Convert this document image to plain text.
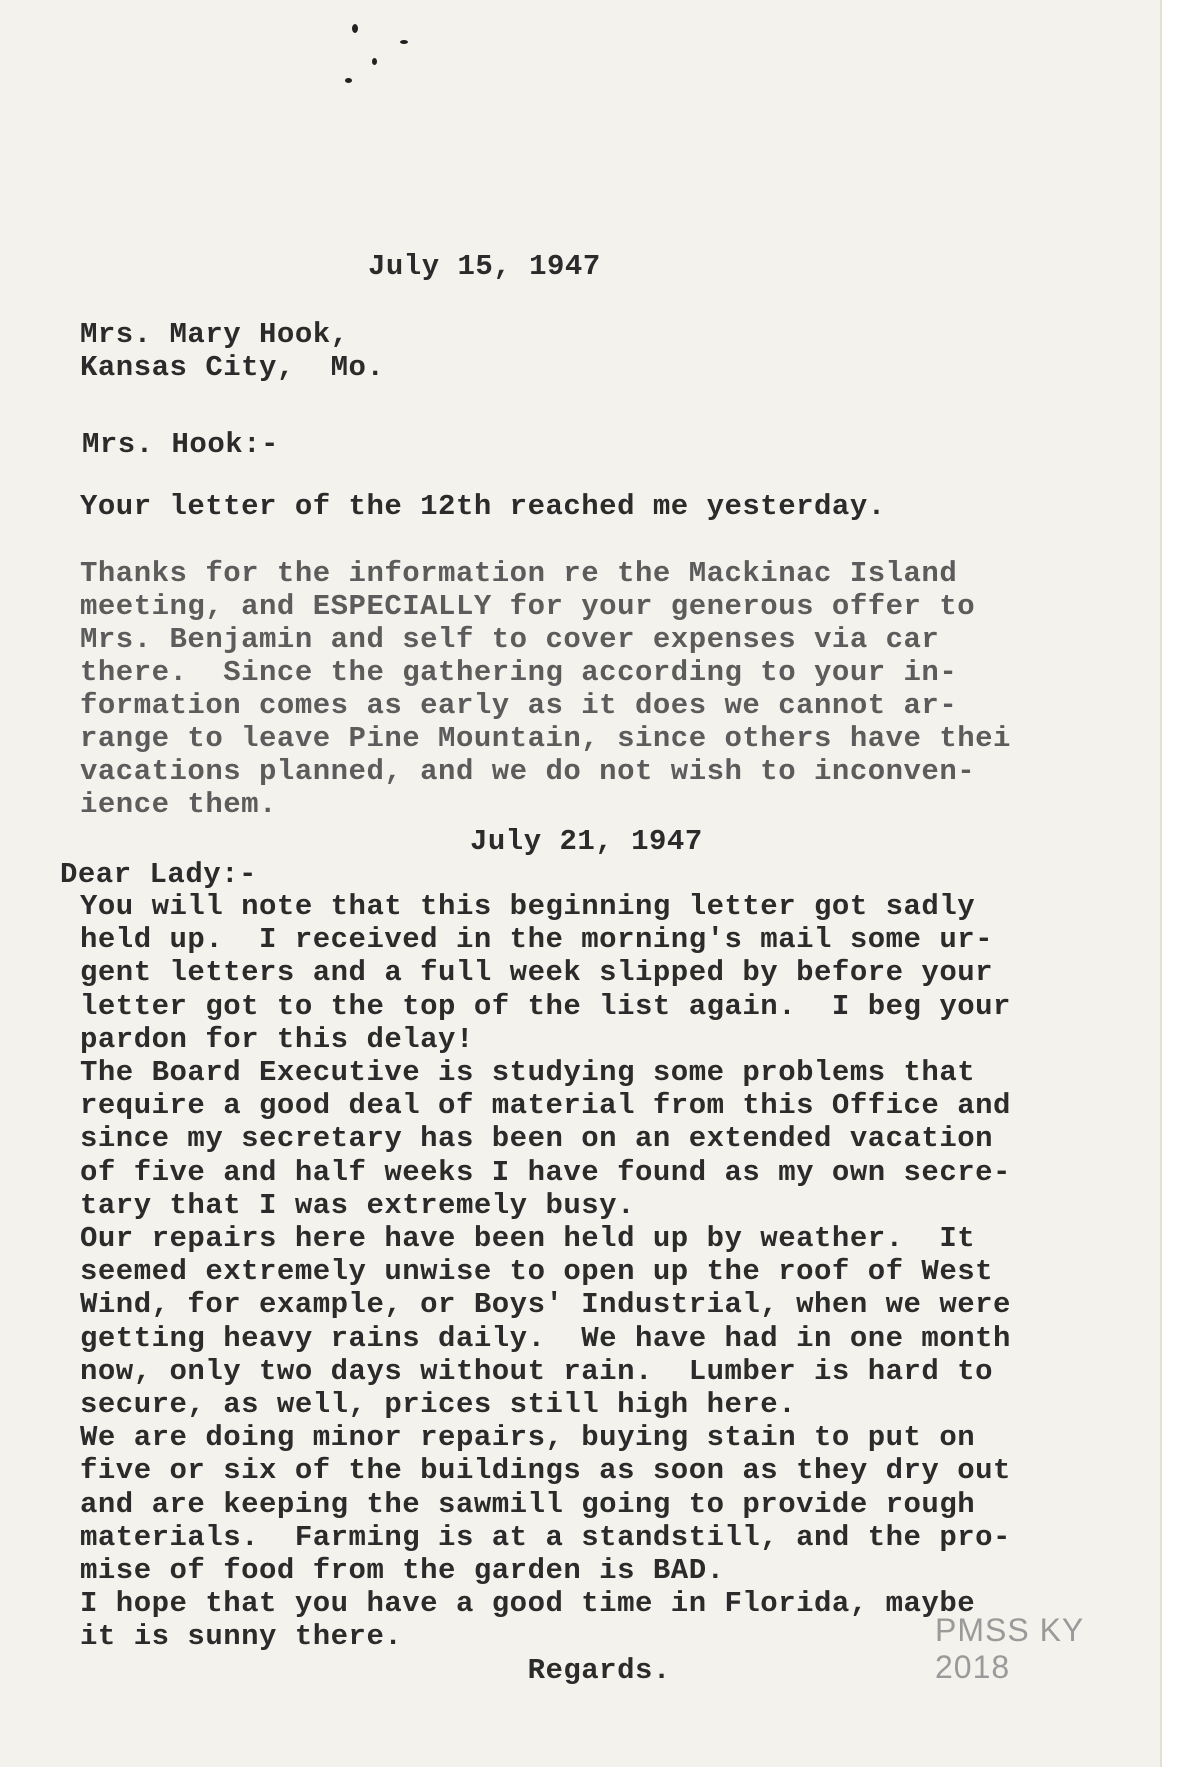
July 15, 1947
Mrs. Mary Hook,
Kansas City,  Mo.
Mrs. Hook:-
Your letter of the 12th reached me yesterday.
Thanks for the information re the Mackinac Island
meeting, and ESPECIALLY for your generous offer to
Mrs. Benjamin and self to cover expenses via car
there.  Since the gathering according to your in-
formation comes as early as it does we cannot ar-
range to leave Pine Mountain, since others have thei
vacations planned, and we do not wish to inconven-
ience them.
July 21, 1947
Dear Lady:-
You will note that this beginning letter got sadly
held up.  I received in the morning's mail some ur-
gent letters and a full week slipped by before your
letter got to the top of the list again.  I beg your
pardon for this delay!
The Board Executive is studying some problems that
require a good deal of material from this Office and
since my secretary has been on an extended vacation
of five and half weeks I have found as my own secre-
tary that I was extremely busy.
Our repairs here have been held up by weather.  It
seemed extremely unwise to open up the roof of West
Wind, for example, or Boys' Industrial, when we were
getting heavy rains daily.  We have had in one month
now, only two days without rain.  Lumber is hard to
secure, as well, prices still high here.
We are doing minor repairs, buying stain to put on
five or six of the buildings as soon as they dry out
and are keeping the sawmill going to provide rough
materials.  Farming is at a standstill, and the pro-
mise of food from the garden is BAD.
I hope that you have a good time in Florida, maybe
it is sunny there.
Regards.
PMSS KY 2018
